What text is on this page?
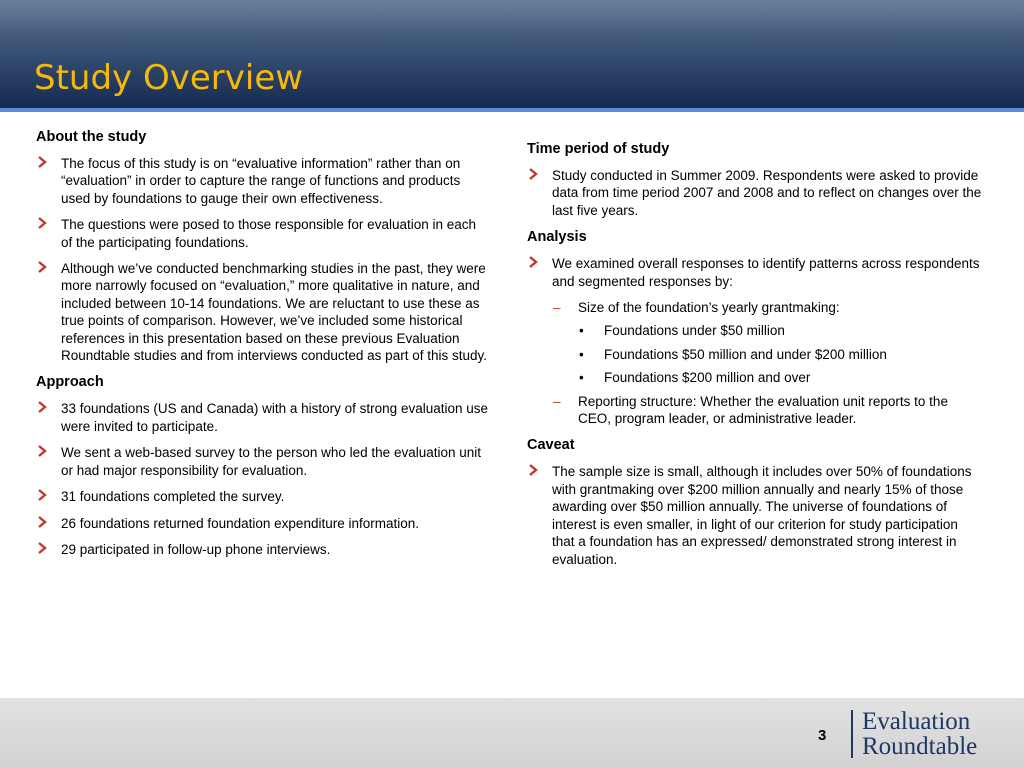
Study Overview
About the study
The focus of this study is on “evaluative information” rather than on “evaluation” in order to capture the range of functions and products used by foundations to gauge their own effectiveness.
The questions were posed to those responsible for evaluation in each of the participating foundations.
Although we’ve conducted benchmarking studies in the past, they were more narrowly focused on “evaluation,” more qualitative in nature, and included between 10-14 foundations. We are reluctant to use these as true points of comparison. However, we’ve included some historical references in this presentation based on these previous Evaluation Roundtable studies and from interviews conducted as part of this study.
Approach
33 foundations (US and Canada) with a history of strong evaluation use were invited to participate.
We sent a web-based survey to the person who led the evaluation unit or had major responsibility for evaluation.
31 foundations completed the survey.
26 foundations returned foundation expenditure information.
29 participated in follow-up phone interviews.
Time period of study
Study conducted in Summer 2009. Respondents were asked to provide data from time period 2007 and 2008 and to reflect on changes over the last five years.
Analysis
We examined overall responses to identify patterns across respondents and segmented responses by:
– Size of the foundation’s yearly grantmaking:
• Foundations under $50 million
• Foundations $50 million and under $200 million
• Foundations $200 million and over
– Reporting structure: Whether the evaluation unit reports to the CEO, program leader, or administrative leader.
Caveat
The sample size is small, although it includes over 50% of foundations with grantmaking over $200 million annually and nearly 15% of those awarding over $50 million annually. The universe of foundations of interest is even smaller, in light of our criterion for study participation that a foundation has an expressed/ demonstrated strong interest in evaluation.
3
Evaluation
Roundtable
